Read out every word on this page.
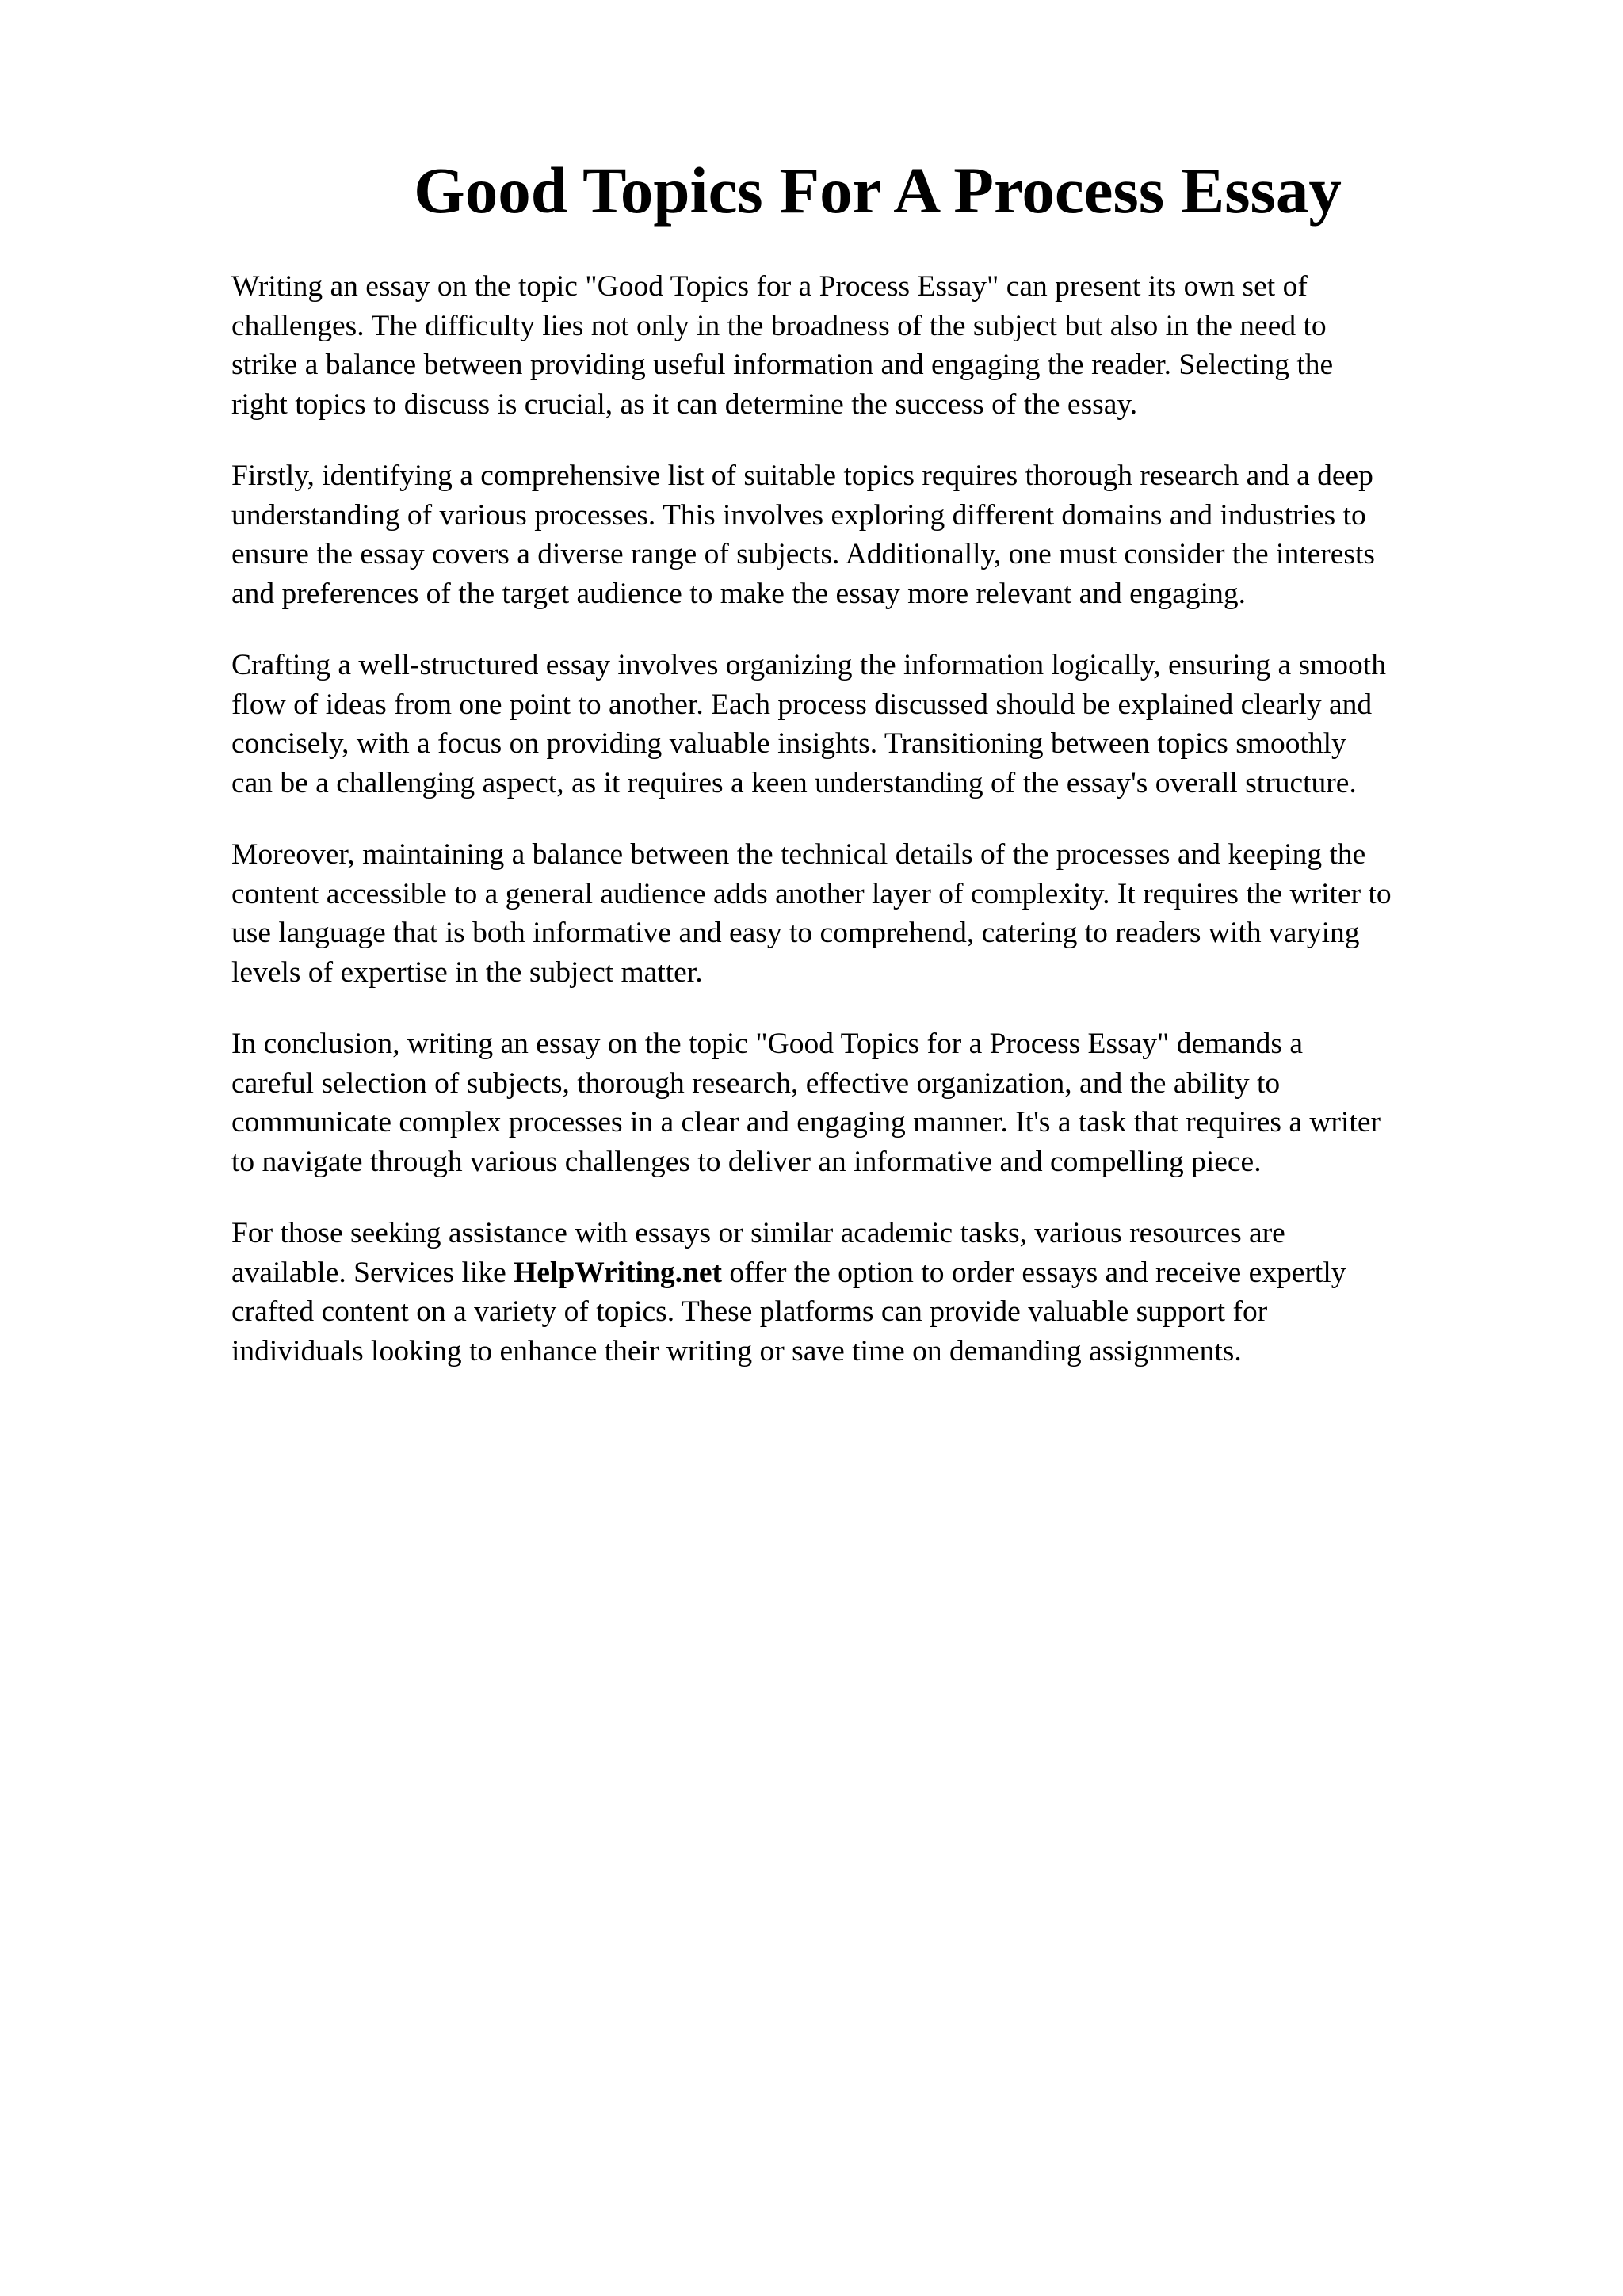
Good Topics For A Process Essay

Writing an essay on the topic "Good Topics for a Process Essay" can present its own set of
challenges. The difficulty lies not only in the broadness of the subject but also in the need to
strike a balance between providing useful information and engaging the reader. Selecting the
right topics to discuss is crucial, as it can determine the success of the essay.

Firstly, identifying a comprehensive list of suitable topics requires thorough research and a deep
understanding of various processes. This involves exploring different domains and industries to
ensure the essay covers a diverse range of subjects. Additionally, one must consider the interests
and preferences of the target audience to make the essay more relevant and engaging.

Crafting a well-structured essay involves organizing the information logically, ensuring a smooth
flow of ideas from one point to another. Each process discussed should be explained clearly and
concisely, with a focus on providing valuable insights. Transitioning between topics smoothly
can be a challenging aspect, as it requires a keen understanding of the essay's overall structure.

Moreover, maintaining a balance between the technical details of the processes and keeping the
content accessible to a general audience adds another layer of complexity. It requires the writer to
use language that is both informative and easy to comprehend, catering to readers with varying
levels of expertise in the subject matter.

In conclusion, writing an essay on the topic "Good Topics for a Process Essay" demands a
careful selection of subjects, thorough research, effective organization, and the ability to
communicate complex processes in a clear and engaging manner. It's a task that requires a writer
to navigate through various challenges to deliver an informative and compelling piece.

For those seeking assistance with essays or similar academic tasks, various resources are
available. Services like HelpWriting.net offer the option to order essays and receive expertly
crafted content on a variety of topics. These platforms can provide valuable support for
individuals looking to enhance their writing or save time on demanding assignments.
